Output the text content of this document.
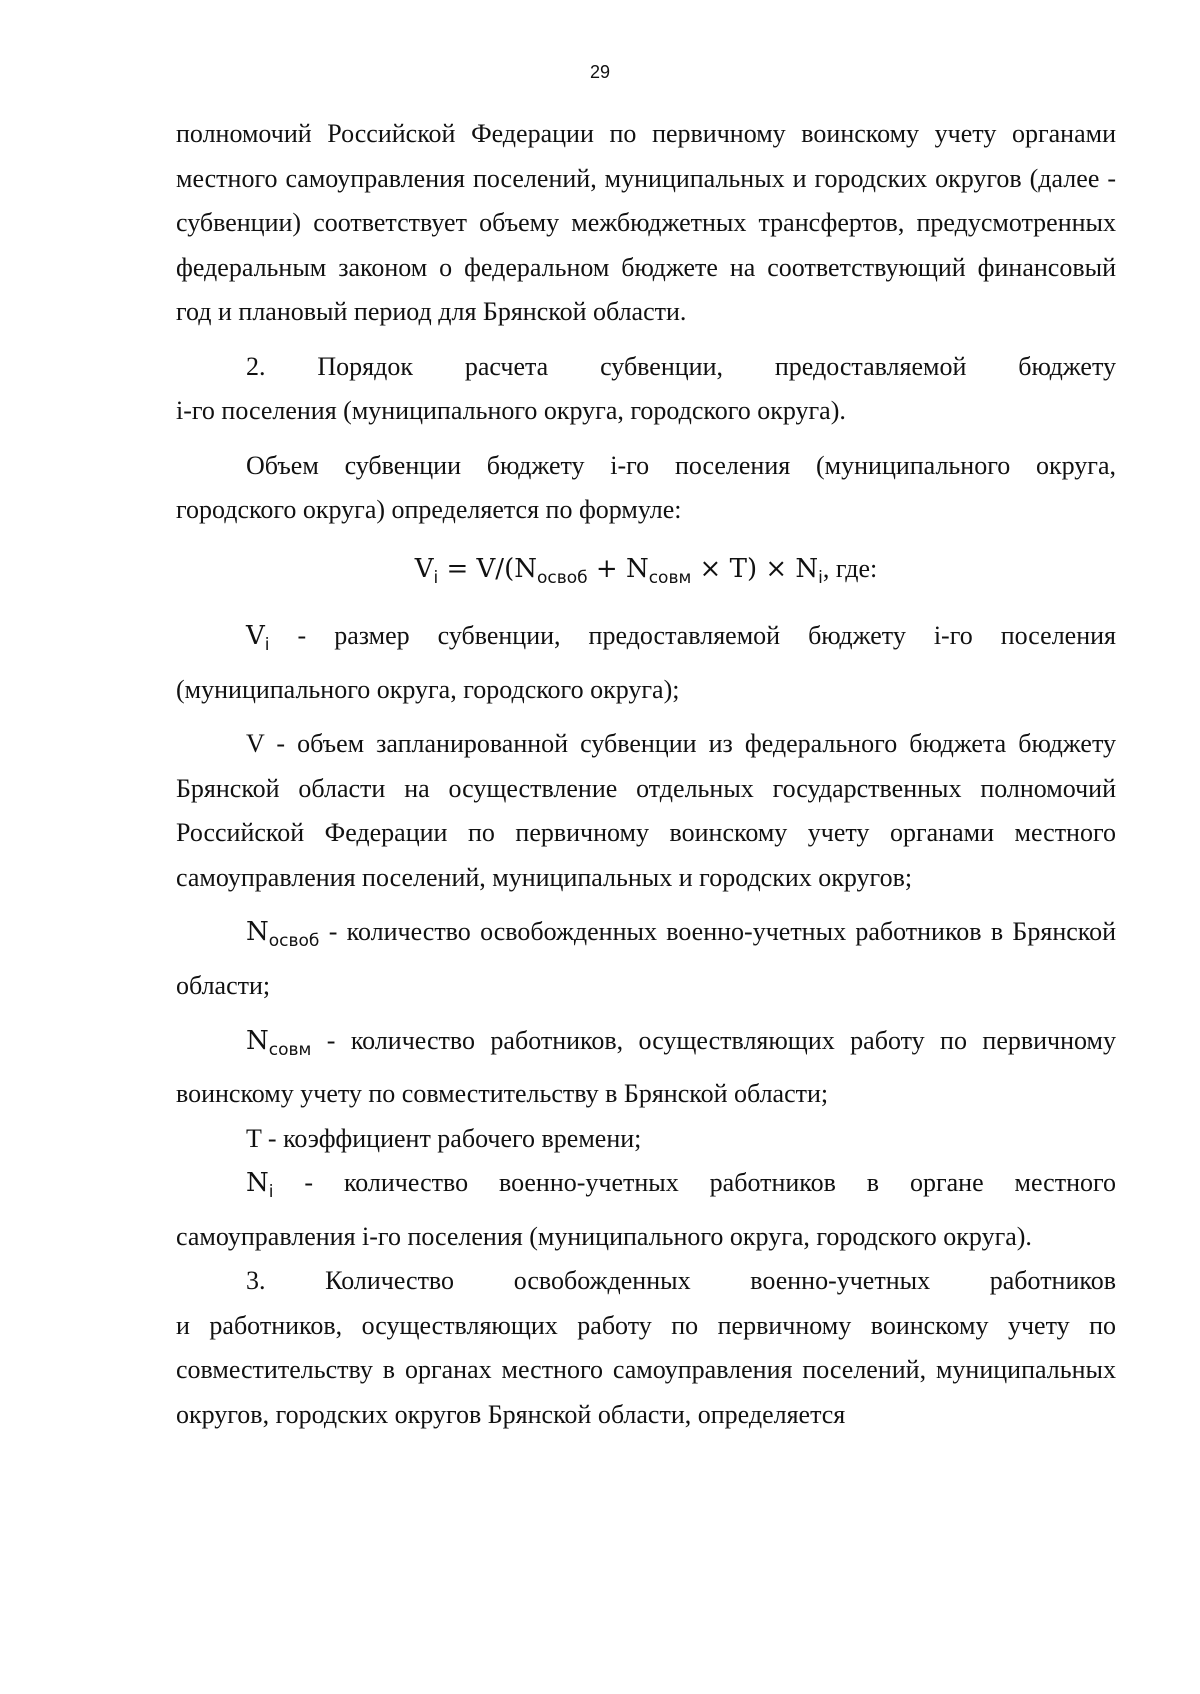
29

полномочий Российской Федерации по первичному воинскому учету органами местного самоуправления поселений, муниципальных и городских округов (далее - субвенции) соответствует объему межбюджетных трансфертов, предусмотренных федеральным законом о федеральном бюджете на соответствующий финансовый год и плановый период для Брянской области.

2. Порядок расчета субвенции, предоставляемой бюджету

i-го поселения (муниципального округа, городского округа).

Объем субвенции бюджету i-го поселения (муниципального округа, городского округа) определяется по формуле:

$V_i = V/(N_{освоб} + N_{совм} \times T) \times N_i$, где:

$V_i$ - размер субвенции, предоставляемой бюджету i-го поселения (муниципального округа, городского округа);

V - объем запланированной субвенции из федерального бюджета бюджету Брянской области на осуществление отдельных государственных полномочий Российской Федерации по первичному воинскому учету органами местного самоуправления поселений, муниципальных и городских округов;

$N_{освоб}$ - количество освобожденных военно-учетных работников в Брянской области;

$N_{совм}$ - количество работников, осуществляющих работу по первичному воинскому учету по совместительству в Брянской области;

T - коэффициент рабочего времени;

$N_i$ - количество военно-учетных работников в органе местного самоуправления i-го поселения (муниципального округа, городского округа).

3. Количество освобожденных военно-учетных работников

и работников, осуществляющих работу по первичному воинскому учету по совместительству в органах местного самоуправления поселений, муниципальных округов, городских округов Брянской области, определяется
